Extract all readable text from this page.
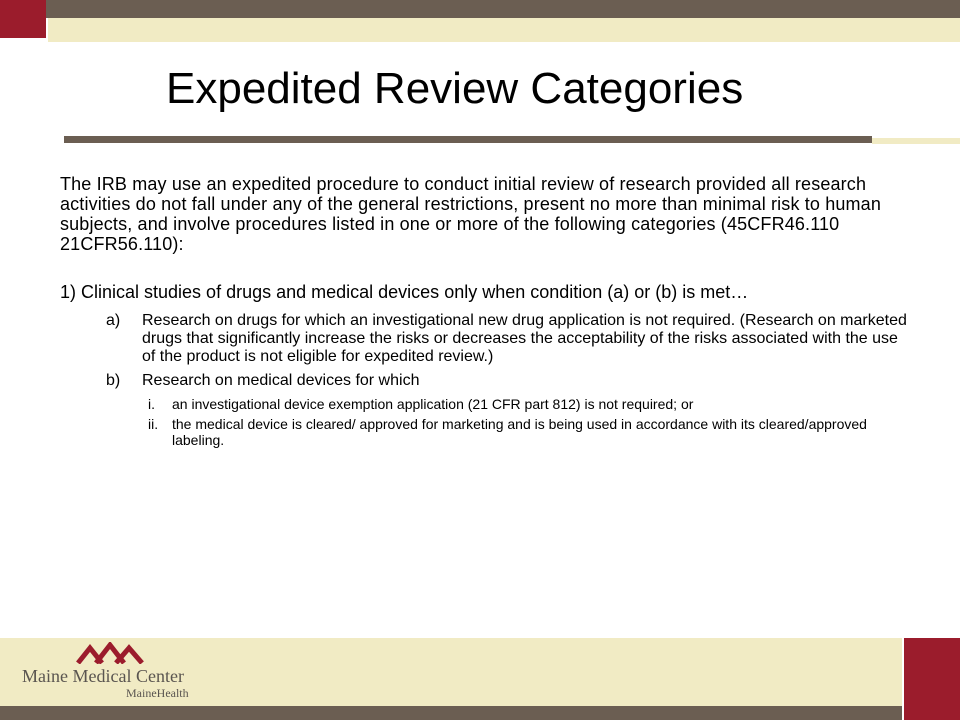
Expedited Review Categories

The IRB may use an expedited procedure to conduct initial review of research provided all research activities do not fall under any of the general restrictions, present no more than minimal risk to human subjects, and involve procedures listed in one or more of the following categories (45CFR46.110 21CFR56.110):

1) Clinical studies of drugs and medical devices only when condition (a) or (b) is met…

a)	Research on drugs for which an investigational new drug application is not required. (Research on marketed drugs that significantly increase the risks or decreases the acceptability of the risks associated with the use of the product is not eligible for expedited review.)
b)	Research on medical devices for which
i.	an investigational device exemption application (21 CFR part 812) is not required; or
ii. the medical device is cleared/ approved for marketing and is being used in accordance with its cleared/approved labeling.
Maine Medical Center
MaineHealth
